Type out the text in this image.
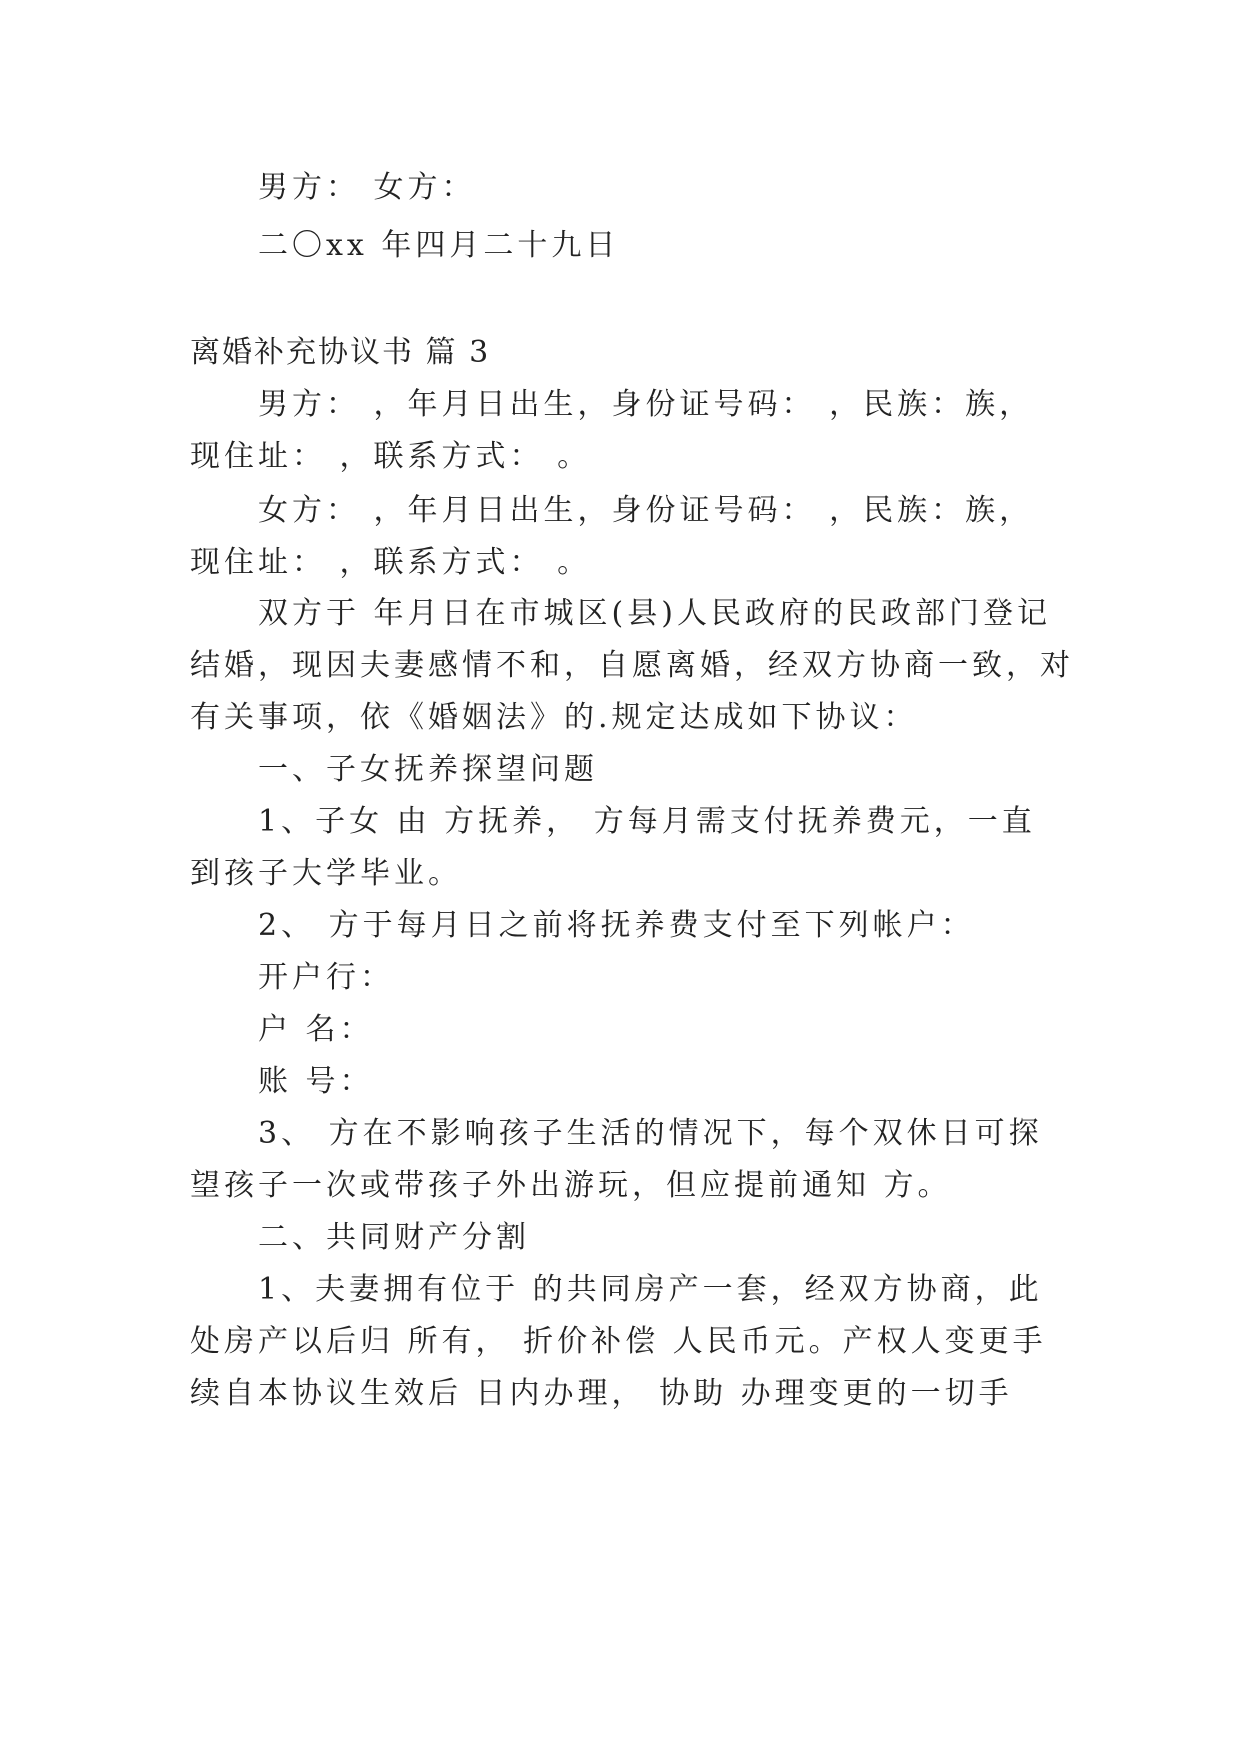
男方： 女方：
二〇xx 年四月二十九日
离婚补充协议书 篇 3
男方： ，年月日出生，身份证号码： ，民族：族，
现住址： ，联系方式： 。
女方： ，年月日出生，身份证号码： ，民族：族，
现住址： ，联系方式： 。
双方于 年月日在市城区(县)人民政府的民政部门登记
结婚，现因夫妻感情不和，自愿离婚，经双方协商一致，对
有关事项，依《婚姻法》的.规定达成如下协议：
一、子女抚养探望问题
1、子女 由 方抚养， 方每月需支付抚养费元，一直
到孩子大学毕业。
2、 方于每月日之前将抚养费支付至下列帐户：
开户行：
户 名：
账 号：
3、 方在不影响孩子生活的情况下，每个双休日可探
望孩子一次或带孩子外出游玩，但应提前通知 方。
二、共同财产分割
1、夫妻拥有位于 的共同房产一套，经双方协商，此
处房产以后归 所有， 折价补偿 人民币元。产权人变更手
续自本协议生效后 日内办理， 协助 办理变更的一切手
